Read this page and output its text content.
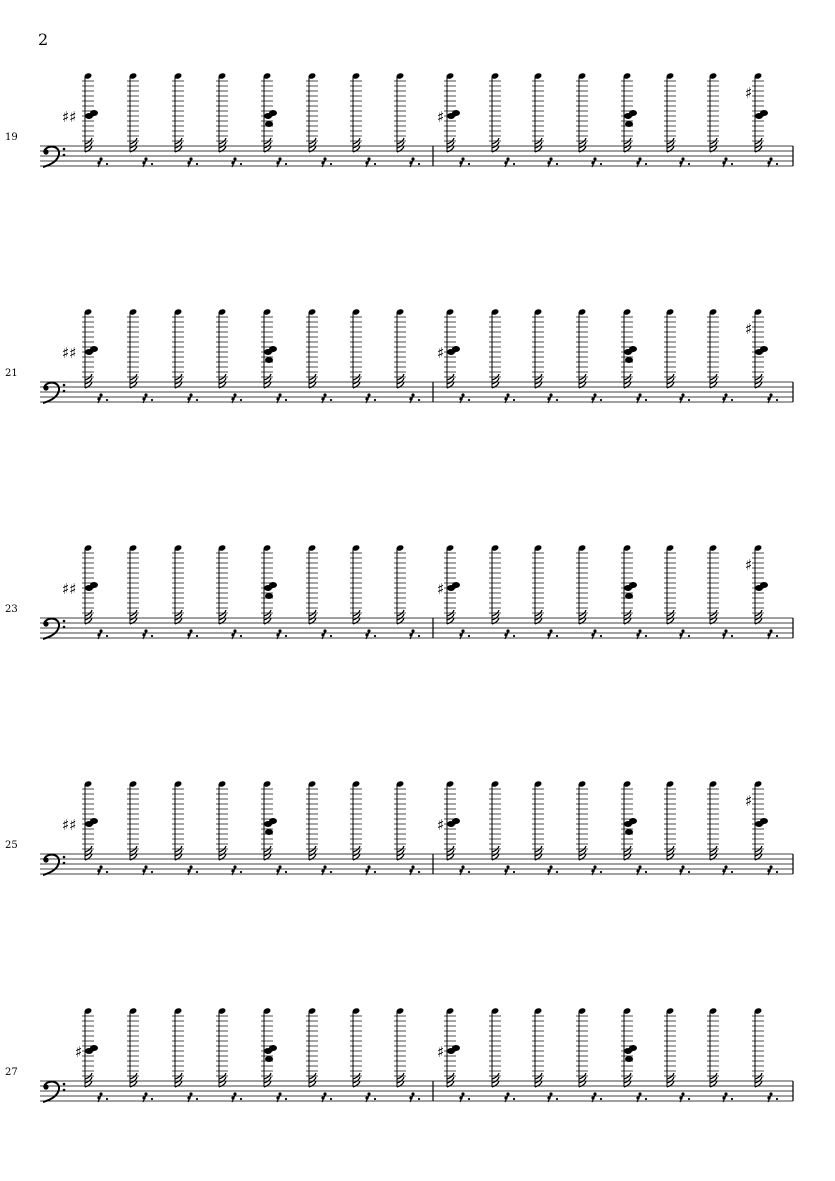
2
19
♯♯	♯
♯
21
♯♯	♯
♯
23
♯♯	♯
♯
25
♯♯	♯
♯
27
♯	♯
